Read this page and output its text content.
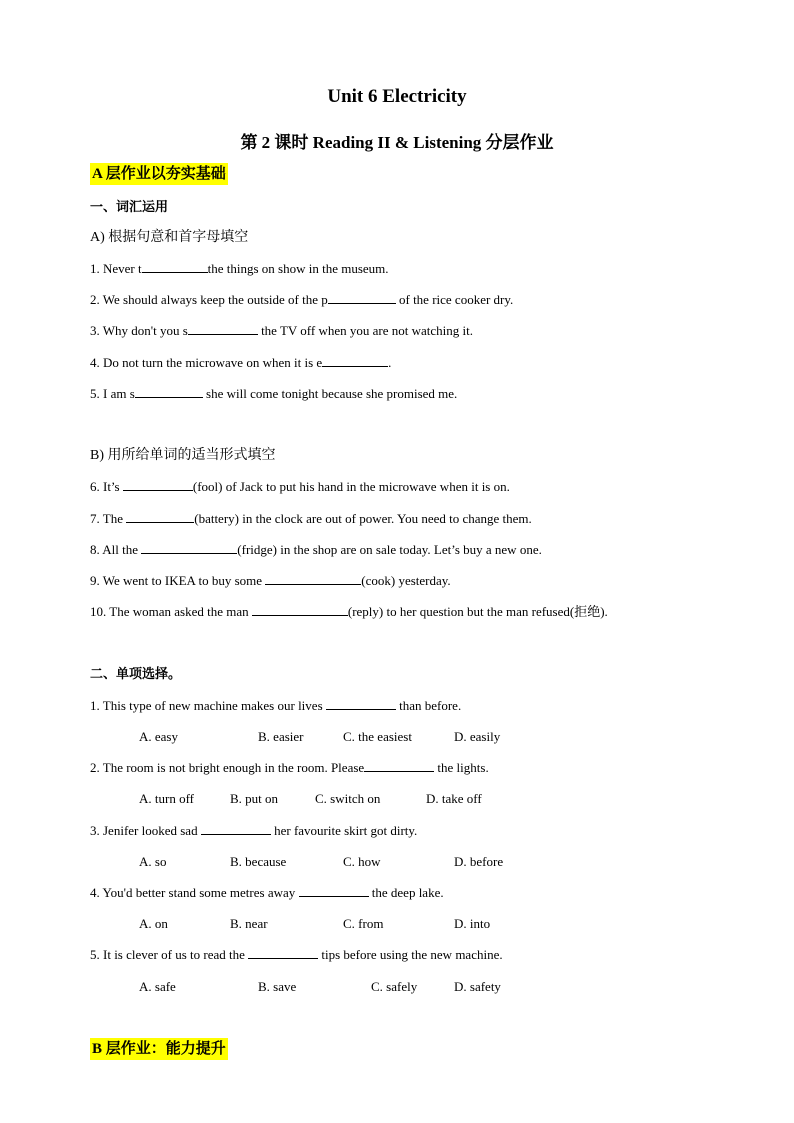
Unit 6 Electricity
第 2 课时 Reading II & Listening 分层作业
A 层作业以夯实基础
一、词汇运用
A) 根据句意和首字母填空
1. Never t	the things on show in the museum.
2. We should always keep the outside of the p	of the rice cooker dry.
3. Why don't you s	the TV off when you are not watching it.
4. Do not turn the microwave on when it is e	.
5. I am s	she will come tonight because she promised me.
B) 用所给单词的适当形式填空
6. It’s	(fool) of Jack to put his hand in the microwave when it is on.
7. The	(battery) in the clock are out of power. You need to change them.
8. All the	(fridge) in the shop are on sale today. Let’s buy a new one.
9. We went to IKEA to buy some	(cook) yesterday.
10. The woman asked the man	(reply) to her question but the man refused(拒绝).
二、单项选择。
1. This type of new machine makes our lives	than before.
A. easy	B. easier	C. the easiest	D. easily
2. The room is not bright enough in the room. Please	the lights.
A. turn off	B. put on	C. switch on	D. take off
3. Jenifer looked sad	her favourite skirt got dirty.
A. so	B. because	C. how	D. before
4. You'd better stand some metres away	the deep lake.
A. on	B. near	C. from	D. into
5. It is clever of us to read the	tips before using the new machine.
A. safe	B. save	C. safely	D. safety
B 层作业：能力提升
